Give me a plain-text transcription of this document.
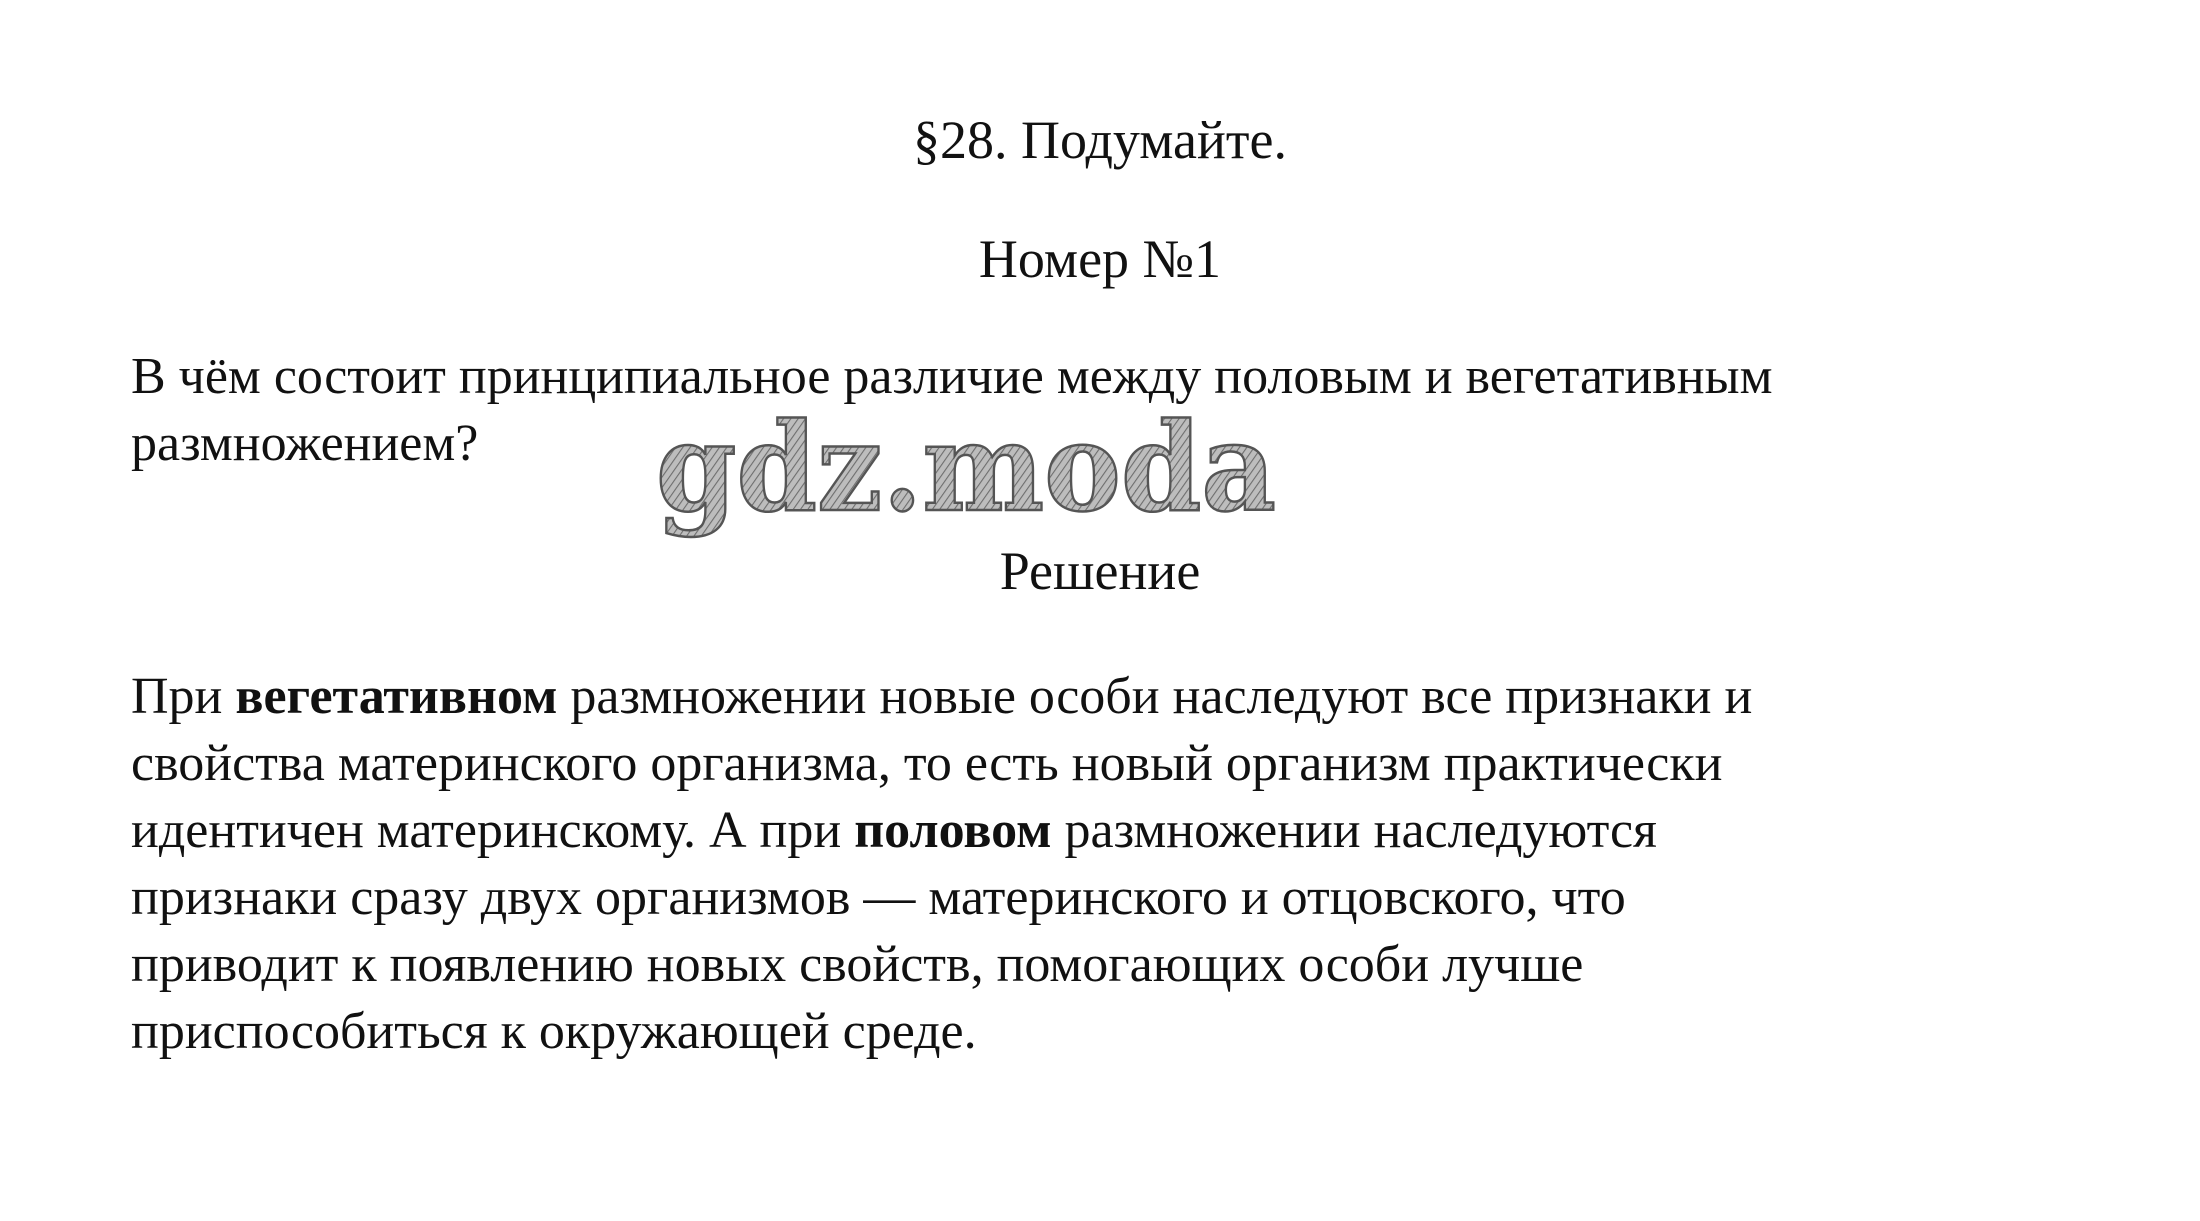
§28. Подумайте.
Номер №1

В чём состоит принципиальное различие между половым и вегетативным
размножением?	gdz.moda
Решение

При вегетативном размножении новые особи наследуют все признаки и
свойства материнского организма, то есть новый организм практически
идентичен материнскому. А при половом размножении наследуются
признаки сразу двух организмов — материнского и отцовского, что
приводит к появлению новых свойств, помогающих особи лучше
приспособиться к окружающей среде.
